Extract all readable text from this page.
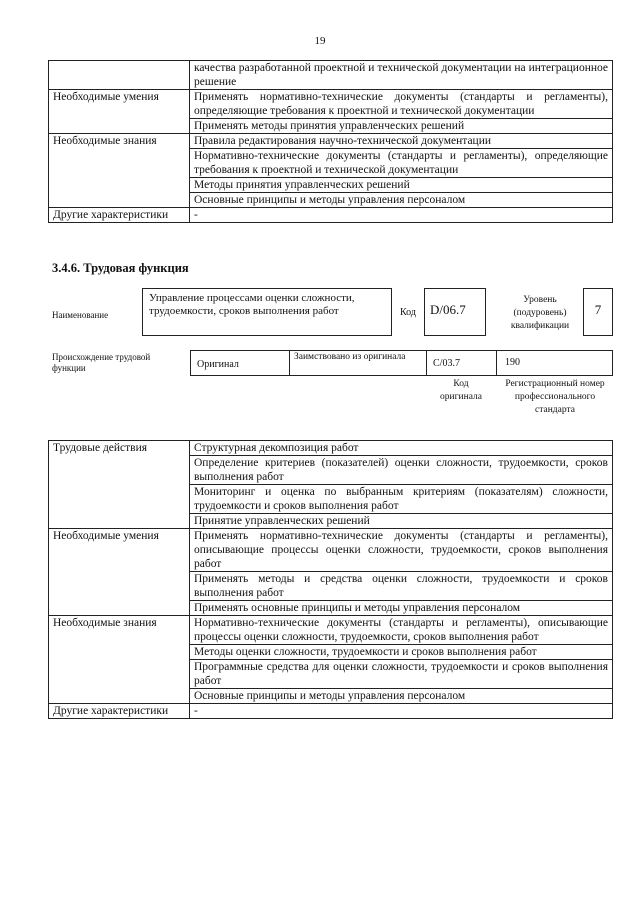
19
	качества разработанной проектной и технической документации на интеграционное решение
Необходимые умения	Применять нормативно-технические документы (стандарты и регламенты), определяющие требования к проектной и технической документации
	Применять методы принятия управленческих решений
Необходимые знания	Правила редактирования научно-технической документации
	Нормативно-технические документы (стандарты и регламенты), определяющие требования к проектной и технической документации
	Методы принятия управленческих решений
	Основные принципы и методы управления персоналом
Другие характеристики	-
3.4.6. Трудовая функция
Наименование
Управление процессами оценки сложности, трудоемкости, сроков выполнения работ	Код D/06.7
Уровень (подуровень) квалификации
7
Происхождение трудовой функции	Оригинал
Заимствовано из оригинала
C/03.7	190
Код оригинала
Регистрационный номер профессионального стандарта
Трудовые действия	Структурная декомпозиция работ
	Определение критериев (показателей) оценки сложности, трудоемкости, сроков выполнения работ
	Мониторинг и оценка по выбранным критериям (показателям) сложности, трудоемкости и сроков выполнения работ
	Принятие управленческих решений
Необходимые умения	Применять нормативно-технические документы (стандарты и регламенты), описывающие процессы оценки сложности, трудоемкости, сроков выполнения работ
	Применять методы и средства оценки сложности, трудоемкости и сроков выполнения работ
	Применять основные принципы и методы управления персоналом
Необходимые знания	Нормативно-технические документы (стандарты и регламенты), описывающие процессы оценки сложности, трудоемкости, сроков выполнения работ
	Методы оценки сложности, трудоемкости и сроков выполнения работ
	Программные средства для оценки сложности, трудоемкости и сроков выполнения работ
	Основные принципы и методы управления персоналом
Другие характеристики	-
